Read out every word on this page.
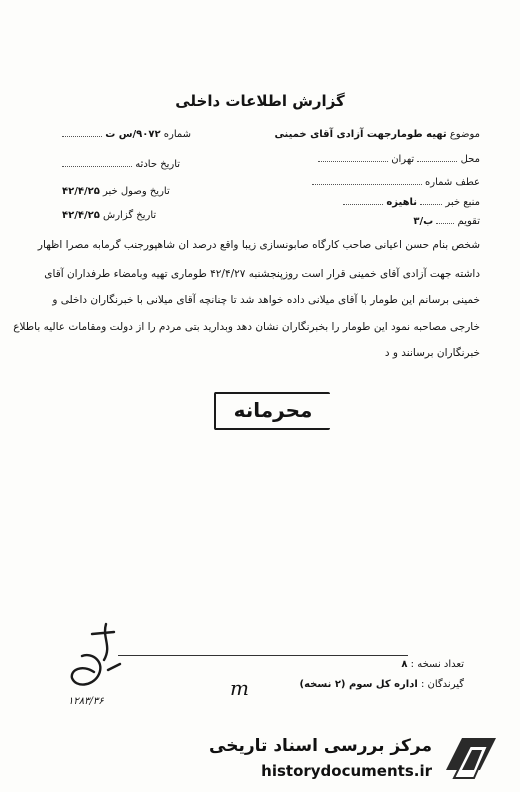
گزارش اطلاعات داخلی
موضوع تهیه طومارجهت آزادی آقای خمینی
محل  تهران
عطف شماره
منبع خبر  ناهیزه
تقویم  ب/۳
شماره ۹۰۷۲/س ت
تاریخ حادثه
تاریخ وصول خبر ۴۲/۴/۲۵
تاریخ گزارش ۴۲/۴/۲۵
شخص بنام حسن اعیانی صاحب کارگاه صابونسازی زیبا واقع درصد ان شاهپورجنب گرمابه مصرا اظهار
داشته جهت آزادی آقای خمینی قرار است روزپنجشنبه ۴۲/۴/۲۷ طوماری تهیه وبامضاء طرفداران آقای
خمینی برسانم این طومار با آقای میلانی داده خواهد شد تا چنانچه آقای میلانی با خبرنگاران داخلی و
خارجی مصاحبه نمود این طومار را بخبرنگاران نشان دهد وبدارید بتی مردم را از دولت ومقامات عالیه باطلاع
خبرنگاران برسانند و د
محرمانه
۱۲۸۳/۳۶
m
تعداد نسخه : ۸
گیرندگان : اداره کل سوم (۲ نسخه)
مرکز بررسی اسناد تاریخی
historydocuments.ir
